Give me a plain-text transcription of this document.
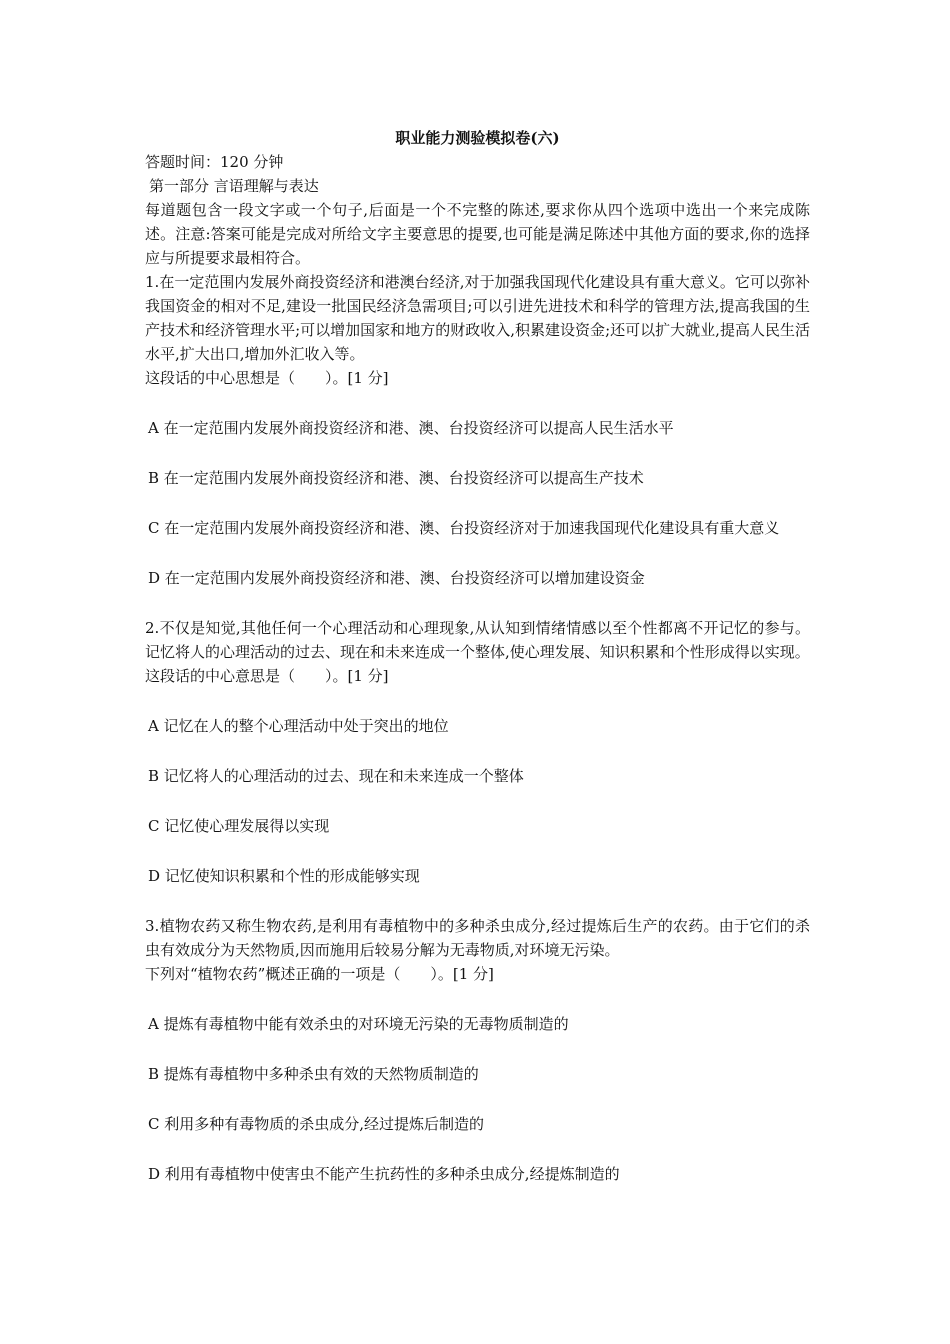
职业能力测验模拟卷(六)

答题时间：120 分钟

第一部分 言语理解与表达

每道题包含一段文字或一个句子,后面是一个不完整的陈述,要求你从四个选项中选出一个来完成陈述。注意:答案可能是完成对所给文字主要意思的提要,也可能是满足陈述中其他方面的要求,你的选择应与所提要求最相符合。

1.在一定范围内发展外商投资经济和港澳台经济,对于加强我国现代化建设具有重大意义。它可以弥补我国资金的相对不足,建设一批国民经济急需项目;可以引进先进技术和科学的管理方法,提高我国的生产技术和经济管理水平;可以增加国家和地方的财政收入,积累建设资金;还可以扩大就业,提高人民生活水平,扩大出口,增加外汇收入等。

这段话的中心思想是（　　）。[1 分]

A 在一定范围内发展外商投资经济和港、澳、台投资经济可以提高人民生活水平

B 在一定范围内发展外商投资经济和港、澳、台投资经济可以提高生产技术

C 在一定范围内发展外商投资经济和港、澳、台投资经济对于加速我国现代化建设具有重大意义

D 在一定范围内发展外商投资经济和港、澳、台投资经济可以增加建设资金

2.不仅是知觉,其他任何一个心理活动和心理现象,从认知到情绪情感以至个性都离不开记忆的参与。记忆将人的心理活动的过去、现在和未来连成一个整体,使心理发展、知识积累和个性形成得以实现。

这段话的中心意思是（　　）。[1 分]

A 记忆在人的整个心理活动中处于突出的地位

B 记忆将人的心理活动的过去、现在和未来连成一个整体

C 记忆使心理发展得以实现

D 记忆使知识积累和个性的形成能够实现

3.植物农药又称生物农药,是利用有毒植物中的多种杀虫成分,经过提炼后生产的农药。由于它们的杀虫有效成分为天然物质,因而施用后较易分解为无毒物质,对环境无污染。

下列对“植物农药”概述正确的一项是（　　）。[1 分]

A 提炼有毒植物中能有效杀虫的对环境无污染的无毒物质制造的

B 提炼有毒植物中多种杀虫有效的天然物质制造的

C 利用多种有毒物质的杀虫成分,经过提炼后制造的

D 利用有毒植物中使害虫不能产生抗药性的多种杀虫成分,经提炼制造的
